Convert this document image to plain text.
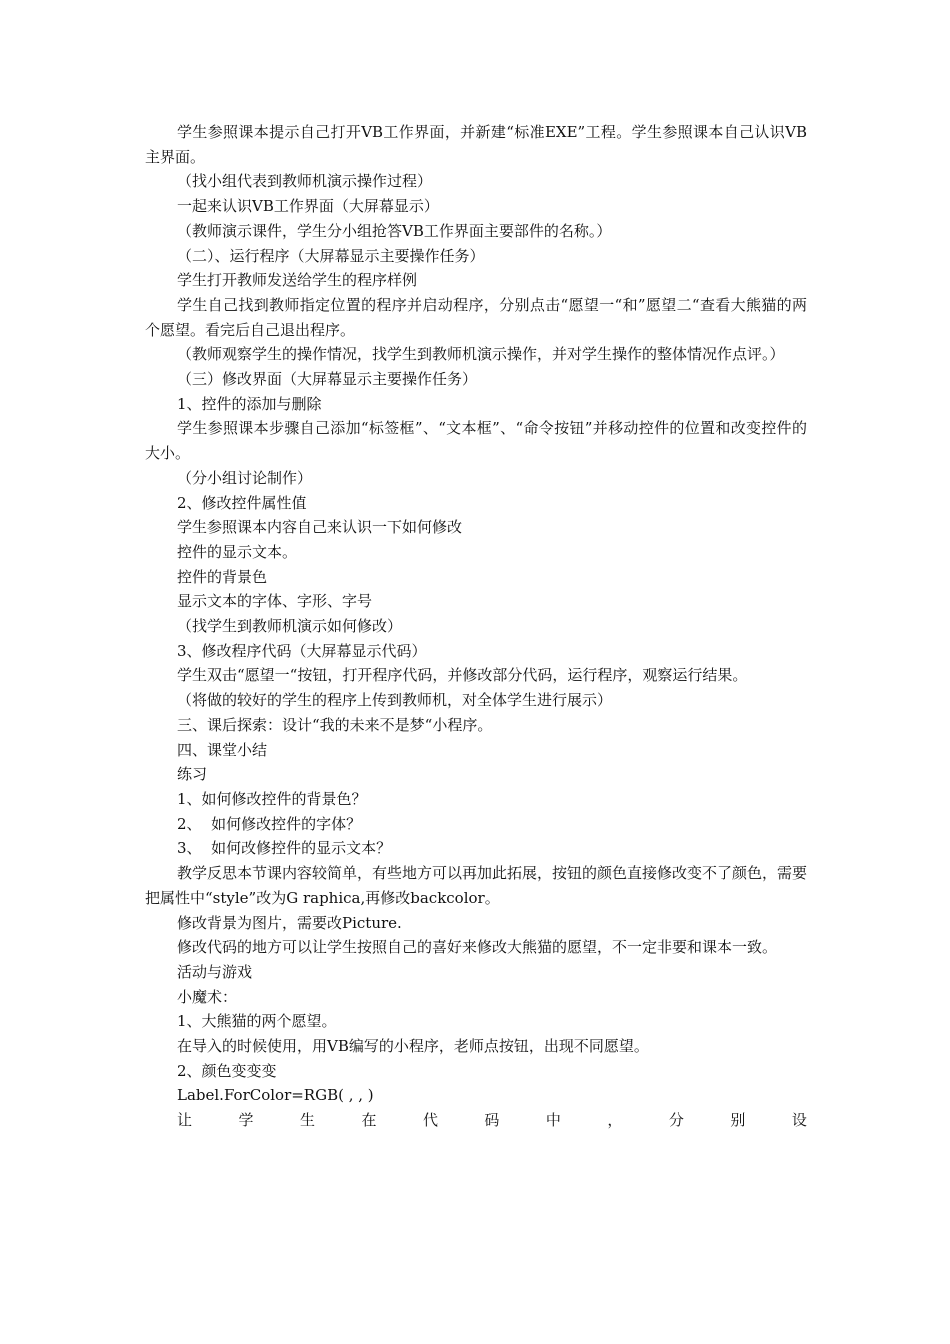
学生参照课本提示自己打开VB工作界面，并新建“标准EXE”工程。学生参照课本自己认识VB主界面。

（找小组代表到教师机演示操作过程）

一起来认识VB工作界面（大屏幕显示）

（教师演示课件，学生分小组抢答VB工作界面主要部件的名称。）

（二）、运行程序（大屏幕显示主要操作任务）

学生打开教师发送给学生的程序样例

学生自己找到教师指定位置的程序并启动程序，分别点击“愿望一“和”愿望二“查看大熊猫的两个愿望。看完后自己退出程序。

（教师观察学生的操作情况，找学生到教师机演示操作，并对学生操作的整体情况作点评。）

（三）修改界面（大屏幕显示主要操作任务）

1、控件的添加与删除

学生参照课本步骤自己添加“标签框”、“文本框”、“命令按钮”并移动控件的位置和改变控件的大小。

（分小组讨论制作）

2、修改控件属性值

学生参照课本内容自己来认识一下如何修改

控件的显示文本。

控件的背景色

显示文本的字体、字形、字号

（找学生到教师机演示如何修改）

3、修改程序代码（大屏幕显示代码）

学生双击“愿望一“按钮，打开程序代码，并修改部分代码，运行程序，观察运行结果。

（将做的较好的学生的程序上传到教师机，对全体学生进行展示）

三、课后探索：设计“我的未来不是梦“小程序。

四、课堂小结

练习

1、如何修改控件的背景色？

2、  如何修改控件的字体？

3、  如何改修控件的显示文本？

教学反思本节课内容较简单，有些地方可以再加此拓展，按钮的颜色直接修改变不了颜色，需要把属性中“style”改为G raphica,再修改backcolor。

修改背景为图片，需要改Picture.

修改代码的地方可以让学生按照自己的喜好来修改大熊猫的愿望，不一定非要和课本一致。

活动与游戏

小魔术：

1、大熊猫的两个愿望。

在导入的时候使用，用VB编写的小程序，老师点按钮，出现不同愿望。

2、颜色变变变

Label.ForColor=RGB( , , )

让	学	生	在	代	码	中	，	分	别	设
